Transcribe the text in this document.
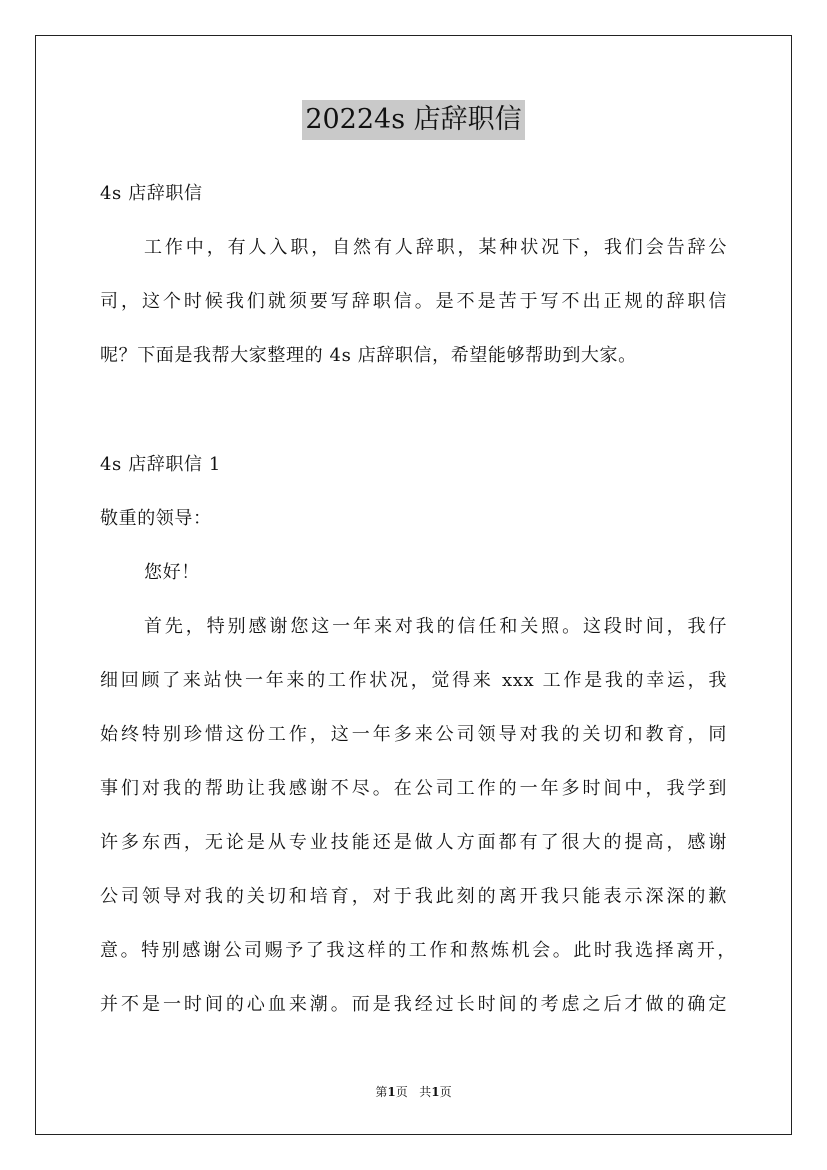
20224s 店辞职信
4s 店辞职信
工作中，有人入职，自然有人辞职，某种状况下，我们会告辞公
司，这个时候我们就须要写辞职信。是不是苦于写不出正规的辞职信
呢？下面是我帮大家整理的 4s 店辞职信，希望能够帮助到大家。
4s 店辞职信 1
敬重的领导：
您好！
首先，特别感谢您这一年来对我的信任和关照。这段时间，我仔
细回顾了来站快一年来的工作状况，觉得来 xxx 工作是我的幸运，我
始终特别珍惜这份工作，这一年多来公司领导对我的关切和教育，同
事们对我的帮助让我感谢不尽。在公司工作的一年多时间中，我学到
许多东西，无论是从专业技能还是做人方面都有了很大的提高，感谢
公司领导对我的关切和培育，对于我此刻的离开我只能表示深深的歉
意。特别感谢公司赐予了我这样的工作和熬炼机会。此时我选择离开，
并不是一时间的心血来潮。而是我经过长时间的考虑之后才做的确定
第1页 共1页
